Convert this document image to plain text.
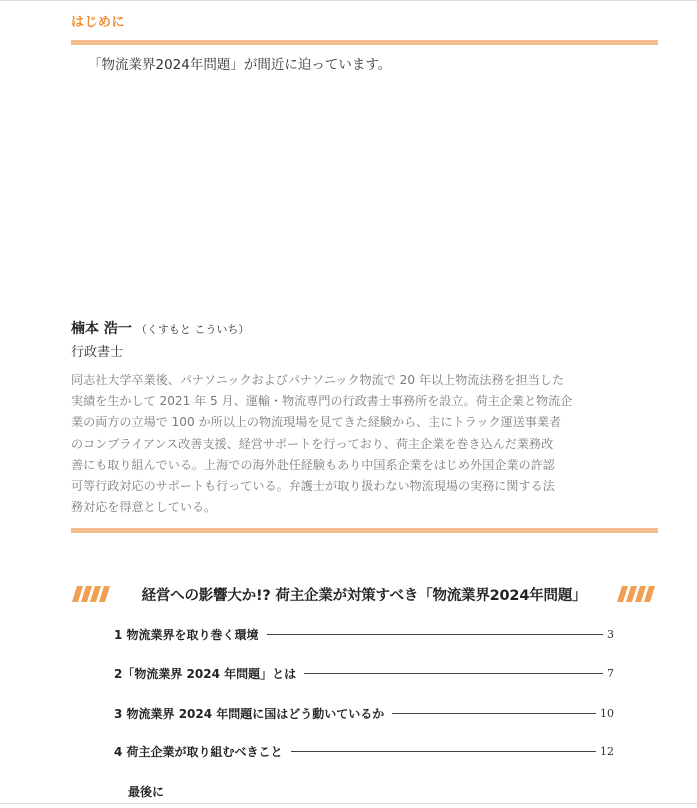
はじめに
「物流業界2024年問題」が間近に迫っています。
楠本 浩一 （くすもと こういち）
行政書士
同志社大学卒業後、パナソニックおよびパナソニック物流で 20 年以上物流法務を担当した
実績を生かして 2021 年 5 月、運輸・物流専門の行政書士事務所を設立。荷主企業と物流企
業の両方の立場で 100 か所以上の物流現場を見てきた経験から、主にトラック運送事業者
のコンプライアンス改善支援、経営サポートを行っており、荷主企業を巻き込んだ業務改
善にも取り組んでいる。上海での海外赴任経験もあり中国系企業をはじめ外国企業の許認
可等行政対応のサポートも行っている。弁護士が取り扱わない物流現場の実務に関する法
務対応を得意としている。
経営への影響大か!? 荷主企業が対策すべき「物流業界2024年問題」
1 物流業界を取り巻く環境	3
2「物流業界 2024 年問題」とは	7
3 物流業界 2024 年問題に国はどう動いているか	10
4 荷主企業が取り組むべきこと	12
最後に
